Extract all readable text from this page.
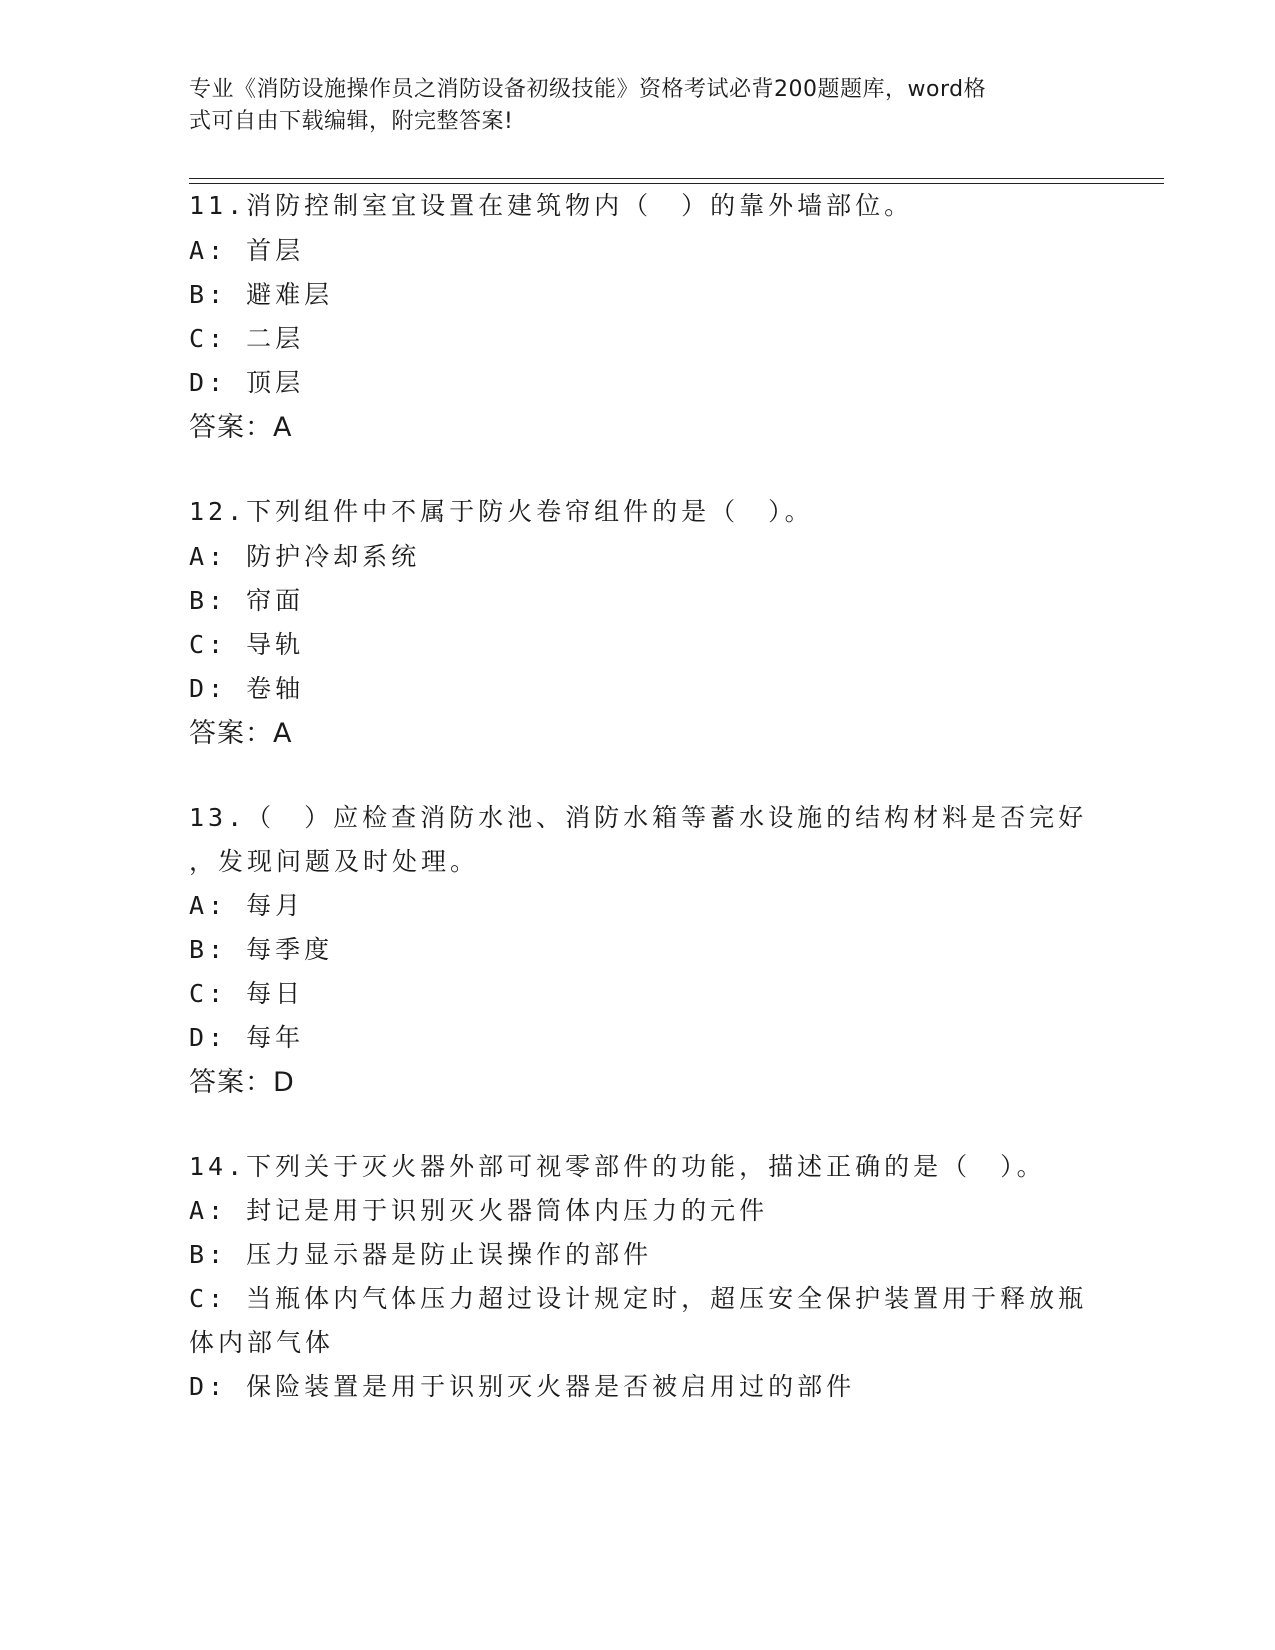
专业《消防设施操作员之消防设备初级技能》资格考试必背200题题库，word格
式可自由下载编辑，附完整答案!
11.消防控制室宜设置在建筑物内（　）的靠外墙部位。
A: 首层
B: 避难层
C: 二层
D: 顶层
答案：A
12.下列组件中不属于防火卷帘组件的是（　）。
A: 防护冷却系统
B: 帘面
C: 导轨
D: 卷轴
答案：A
13.（　）应检查消防水池、消防水箱等蓄水设施的结构材料是否完好
，发现问题及时处理。
A: 每月
B: 每季度
C: 每日
D: 每年
答案：D
14.下列关于灭火器外部可视零部件的功能，描述正确的是（　）。
A: 封记是用于识别灭火器筒体内压力的元件
B: 压力显示器是防止误操作的部件
C: 当瓶体内气体压力超过设计规定时，超压安全保护装置用于释放瓶
体内部气体
D: 保险装置是用于识别灭火器是否被启用过的部件
